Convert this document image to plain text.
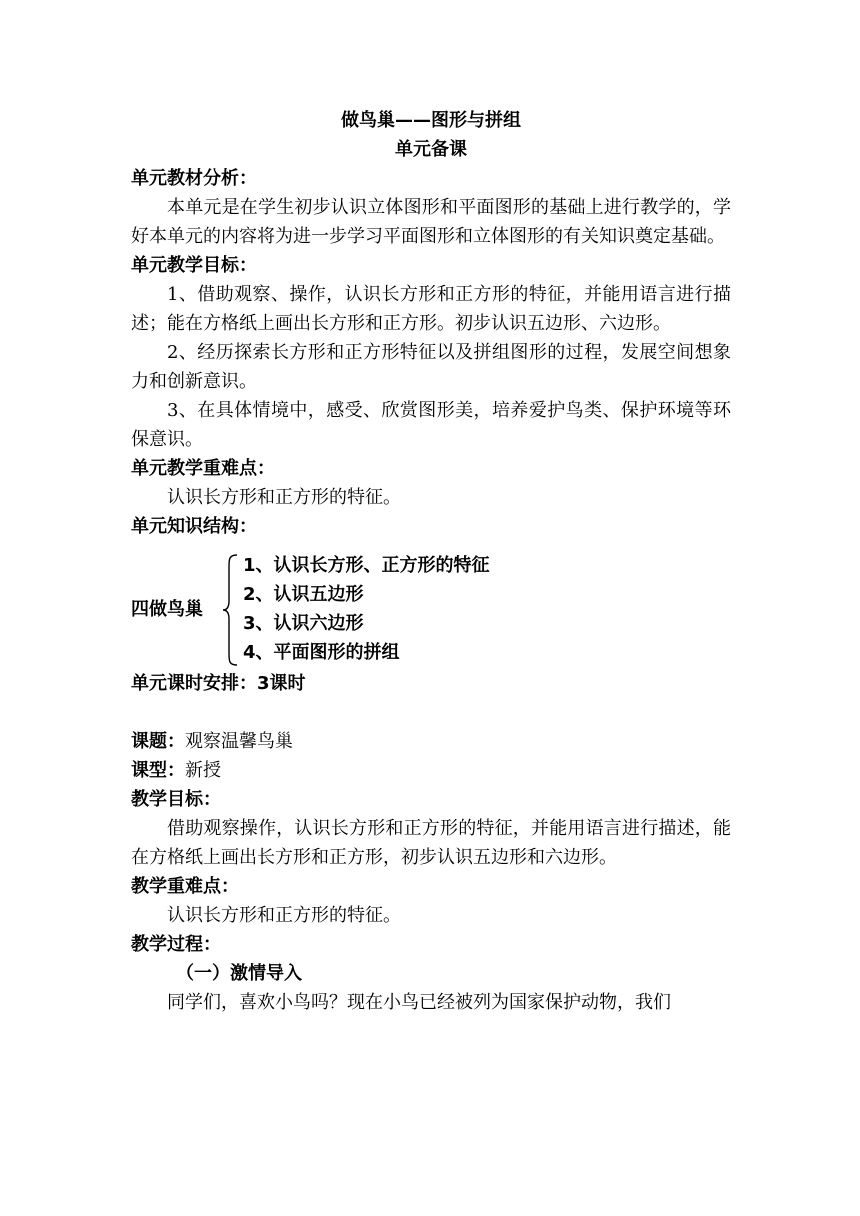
做鸟巢——图形与拼组

单元备课

单元教材分析：

本单元是在学生初步认识立体图形和平面图形的基础上进行教学的，学好本单元的内容将为进一步学习平面图形和立体图形的有关知识奠定基础。

单元教学目标：

1、借助观察、操作，认识长方形和正方形的特征，并能用语言进行描述；能在方格纸上画出长方形和正方形。初步认识五边形、六边形。

2、经历探索长方形和正方形特征以及拼组图形的过程，发展空间想象力和创新意识。

3、在具体情境中，感受、欣赏图形美，培养爱护鸟类、保护环境等环保意识。

单元教学重难点：

认识长方形和正方形的特征。

单元知识结构：

四做鸟巢
1、认识长方形、正方形的特征
2、认识五边形
3、认识六边形
4、平面图形的拼组

单元课时安排：3课时

课题：观察温馨鸟巢

课型：新授

教学目标：

借助观察操作，认识长方形和正方形的特征，并能用语言进行描述，能在方格纸上画出长方形和正方形，初步认识五边形和六边形。

教学重难点：

认识长方形和正方形的特征。

教学过程：

（一）激情导入

同学们，喜欢小鸟吗？现在小鸟已经被列为国家保护动物，我们
